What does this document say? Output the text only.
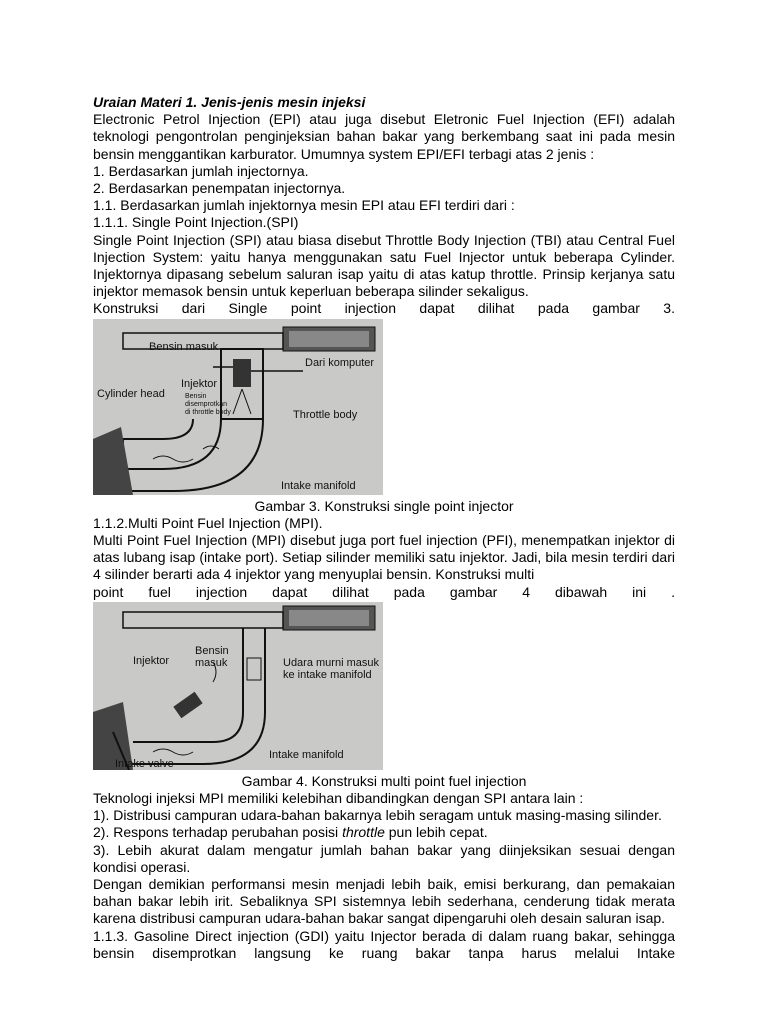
Uraian Materi 1. Jenis-jenis mesin injeksi

Electronic Petrol Injection (EPI) atau juga disebut Eletronic Fuel Injection (EFI) adalah teknologi pengontrolan penginjeksian bahan bakar yang berkembang saat ini pada mesin bensin menggantikan karburator. Umumnya system EPI/EFI terbagi atas 2 jenis :

1. Berdasarkan jumlah injectornya.

2. Berdasarkan penempatan injectornya.

1.1. Berdasarkan jumlah injektornya mesin EPI atau EFI terdiri dari :

1.1.1. Single Point Injection.(SPI)

Single Point Injection (SPI) atau biasa disebut Throttle Body Injection (TBI) atau Central Fuel Injection System: yaitu hanya menggunakan satu Fuel Injector untuk beberapa Cylinder. Injektornya dipasang sebelum saluran isap yaitu di atas katup throttle. Prinsip kerjanya satu injektor memasok bensin untuk keperluan beberapa silinder sekaligus.

Konstruksi dari Single point injection dapat dilihat pada gambar 3.

Bensin masuk
Dari komputer
Injektor
Cylinder head	Bensin
disemprotkan
di throttle body	Throttle body
Intake manifold

Gambar 3. Konstruksi single point injector

1.1.2.Multi Point Fuel Injection (MPI).

Multi Point Fuel Injection (MPI) disebut juga port fuel injection (PFI), menempatkan injektor di atas lubang isap (intake port). Setiap silinder memiliki satu injektor. Jadi, bila mesin terdiri dari 4 silinder berarti ada 4 injektor yang menyuplai bensin. Konstruksi multi

point fuel injection dapat dilihat pada gambar 4 dibawah ini .

Bensin
masuk
Injektor	Udara murni masuk
ke intake manifold
Intake valve
Intake manifold

Gambar 4. Konstruksi multi point fuel injection

Teknologi injeksi MPI memiliki kelebihan dibandingkan dengan SPI antara lain :

1). Distribusi campuran udara-bahan bakarnya lebih seragam untuk masing-masing silinder.

2). Respons terhadap perubahan posisi throttle pun lebih cepat.

3). Lebih akurat dalam mengatur jumlah bahan bakar yang diinjeksikan sesuai dengan kondisi operasi.

Dengan demikian performansi mesin menjadi lebih baik, emisi berkurang, dan pemakaian bahan bakar lebih irit. Sebaliknya SPI sistemnya lebih sederhana, cenderung tidak merata karena distribusi campuran udara-bahan bakar sangat dipengaruhi oleh desain saluran isap.

1.1.3. Gasoline Direct injection (GDI) yaitu Injector berada di dalam ruang bakar, sehingga bensin disemprotkan langsung ke ruang bakar tanpa harus melalui Intake
